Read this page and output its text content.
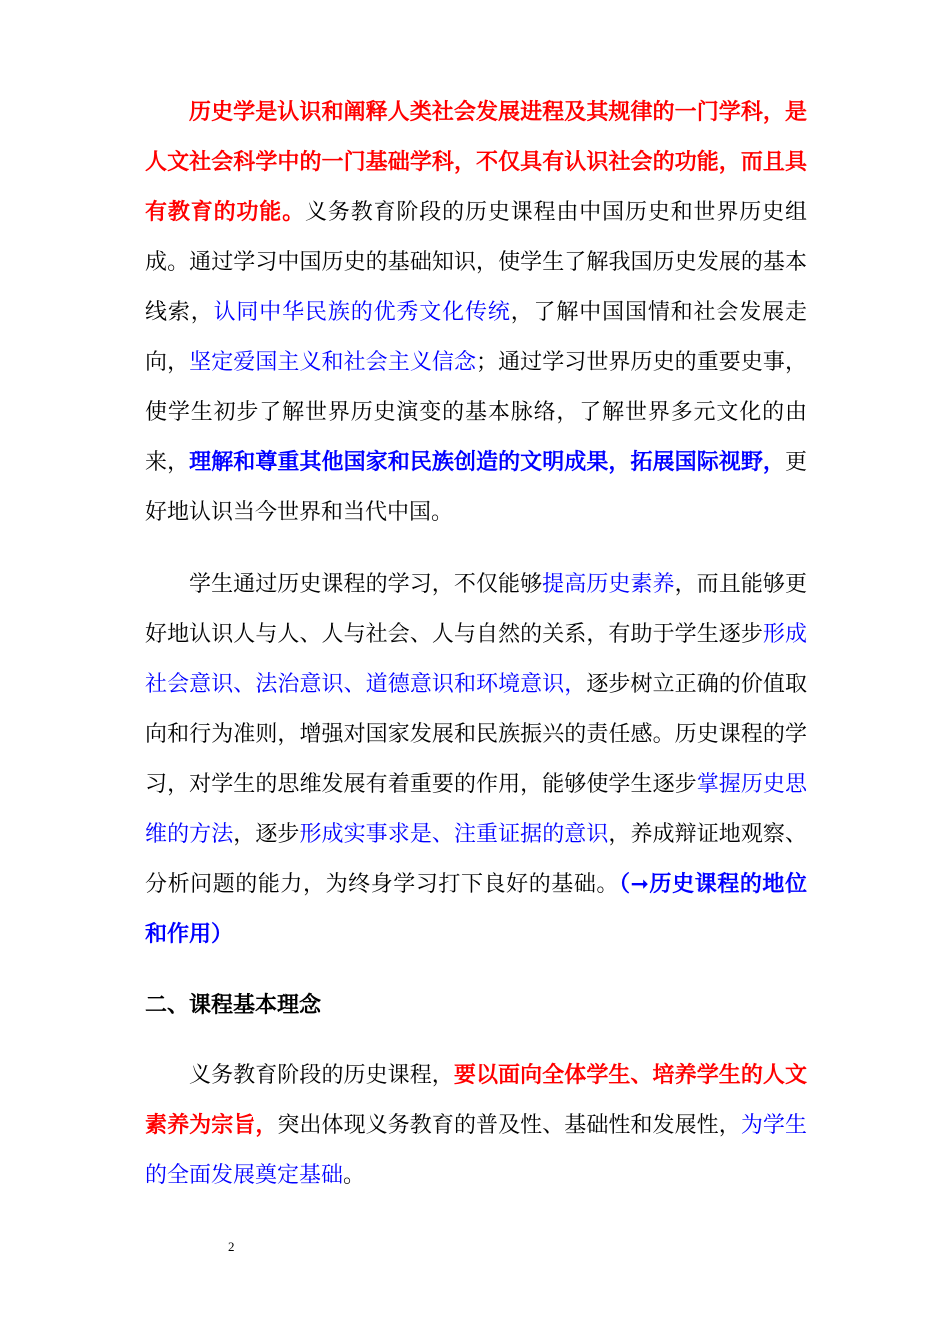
历史学是认识和阐释人类社会发展进程及其规律的一门学科，是人文社会科学中的一门基础学科，不仅具有认识社会的功能，而且具有教育的功能。义务教育阶段的历史课程由中国历史和世界历史组成。通过学习中国历史的基础知识，使学生了解我国历史发展的基本线索，认同中华民族的优秀文化传统，了解中国国情和社会发展走向，坚定爱国主义和社会主义信念；通过学习世界历史的重要史事，使学生初步了解世界历史演变的基本脉络，了解世界多元文化的由来，理解和尊重其他国家和民族创造的文明成果，拓展国际视野，更好地认识当今世界和当代中国。

学生通过历史课程的学习，不仅能够提高历史素养，而且能够更好地认识人与人、人与社会、人与自然的关系，有助于学生逐步形成社会意识、法治意识、道德意识和环境意识，逐步树立正确的价值取向和行为准则，增强对国家发展和民族振兴的责任感。历史课程的学习，对学生的思维发展有着重要的作用，能够使学生逐步掌握历史思维的方法，逐步形成实事求是、注重证据的意识，养成辩证地观察、分析问题的能力，为终身学习打下良好的基础。（➞历史课程的地位和作用）

二、课程基本理念

义务教育阶段的历史课程，要以面向全体学生、培养学生的人文素养为宗旨，突出体现义务教育的普及性、基础性和发展性，为学生的全面发展奠定基础。

2
